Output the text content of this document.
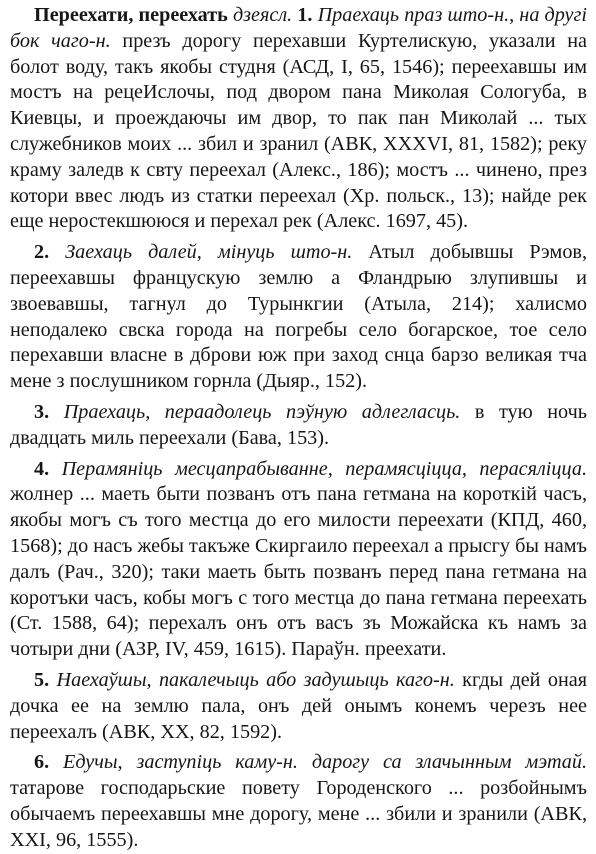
Переехати, переехать дзеясл. 1. Праехаць праз што-н., на другі бок чаго-н. презъ дорогу перехавши Куртелискую, указали на болот воду, такъ якобы студня (АСД, I, 65, 1546); переехавшы им мостъ на рецеИслочы, под двором пана Миколая Сологуба, в Киевцы, и проеждаючы им двор, то пак пан Миколай ... тых служебников моих ... збил и зранил (АВК, XXXVI, 81, 1582); реку краму заледв к свту переехал (Алекс., 186); мостъ ... чинено, през котори ввес людъ из статки переехал (Хр. польск., 13); найде рек еще неростекшююся и перехал рек (Алекс. 1697, 45).

2. Заехаць далей, мінуць што-н. Атыл добывшы Рэмов, переехавшы францускую землю а Фландрыю злупившы и звоевавшы, тагнул до Турынкгии (Атыла, 214); халисмо неподалеко свска города на погребы село богарское, тое село перехавши власне в дброви юж при заход снца барзо великая тча мене з послушником горнла (Дыяр., 152).

3. Праехаць, пераадолець пэўную адлегласць. в тую ночь двадцать миль переехали (Бава, 153).

4. Перамяніць месцапрабыванне, перамясціцца, перасяліцца. жолнер ... маеть быти позванъ отъ пана гетмана на короткій часъ, якобы могъ съ того местца до его милости переехати (КПД, 460, 1568); до насъ жебы такъже Скиргаило переехал а прысгу бы намъ далъ (Рач., 320); таки маеть быть позванъ перед пана гетмана на коротъки часъ, кобы могъ с того местца до пана гетмана переехать (Ст. 1588, 64); перехалъ онъ отъ васъ зъ Можайска къ намъ за чотыри дни (АЗР, IV, 459, 1615). Параўн. преехати.

5. Наехаўшы, пакалечыць або задушыць каго-н. кгды дей оная дочка ее на землю пала, онъ дей онымъ конемъ черезъ нее переехалъ (АВК, XX, 82, 1592).

6. Едучы, заступіць каму-н. дарогу са злачынным мэтай. татарове господарьские повету Городенского ... розбойнымъ обычаемъ переехавшы мне дорогу, мене ... збили и зранили (АВК, XXI, 96, 1555).
